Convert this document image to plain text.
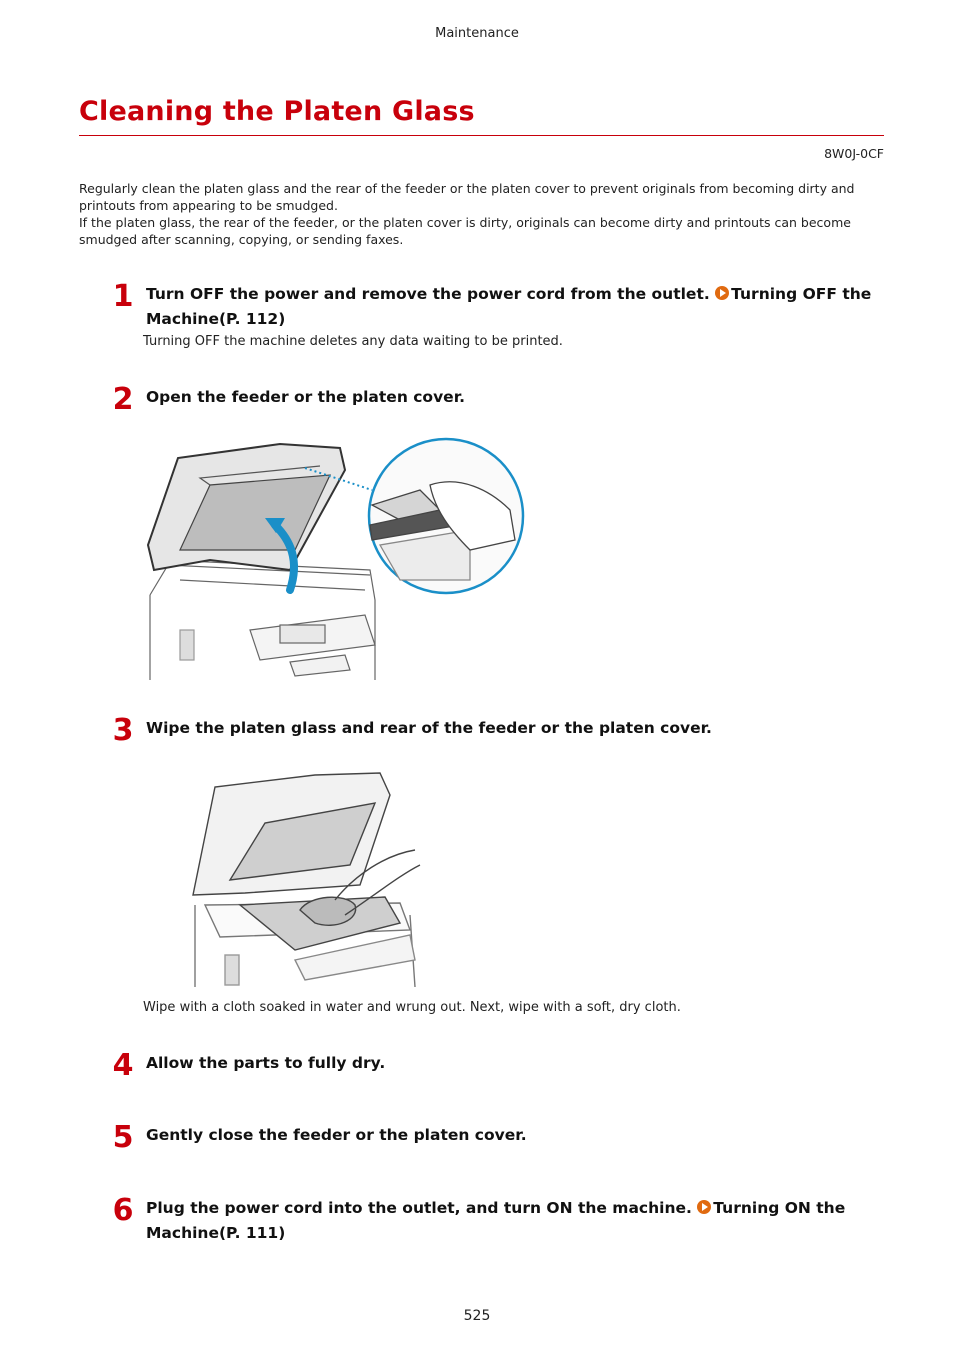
Maintenance
Cleaning the Platen Glass
8W0J-0CF

Regularly clean the platen glass and the rear of the feeder or the platen cover to prevent originals from becoming dirty and printouts from appearing to be smudged.

If the platen glass, the rear of the feeder, or the platen cover is dirty, originals can become dirty and printouts can become smudged after scanning, copying, or sending faxes.

1 Turn OFF the power and remove the power cord from the outlet. Turning OFF the Machine(P. 112)
Turning OFF the machine deletes any data waiting to be printed.
2 Open the feeder or the platen cover.
3 Wipe the platen glass and rear of the feeder or the platen cover.
Wipe with a cloth soaked in water and wrung out. Next, wipe with a soft, dry cloth.
4 Allow the parts to fully dry.
5 Gently close the feeder or the platen cover.
6 Plug the power cord into the outlet, and turn ON the machine. Turning ON the Machine(P. 111)
525
